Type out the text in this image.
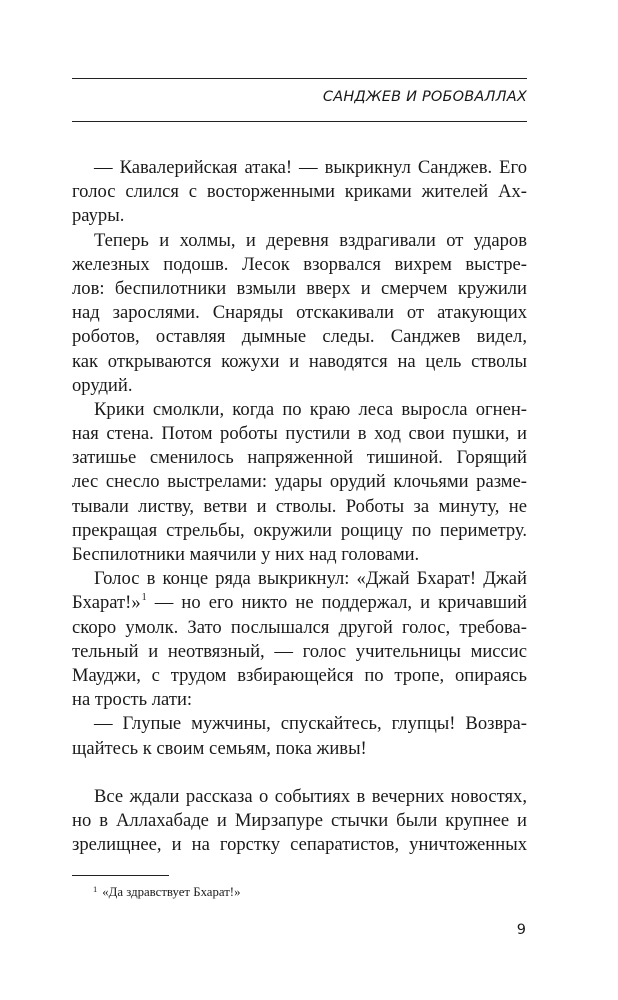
САНДЖЕВ И РОБОВАЛЛАХ
— Кавалерийская атака! — выкрикнул Санджев. Его
голос слился с восторженными криками жителей Ах-
рауры.
Теперь и холмы, и деревня вздрагивали от ударов
железных подошв. Лесок взорвался вихрем выстре-
лов: беспилотники взмыли вверх и смерчем кружили
над зарослями. Снаряды отскакивали от атакующих
роботов, оставляя дымные следы. Санджев видел,
как открываются кожухи и наводятся на цель стволы
орудий.
Крики смолкли, когда по краю леса выросла огнен-
ная стена. Потом роботы пустили в ход свои пушки, и
затишье сменилось напряженной тишиной. Горящий
лес снесло выстрелами: удары орудий клочьями разме-
тывали листву, ветви и стволы. Роботы за минуту, не
прекращая стрельбы, окружили рощицу по периметру.
Беспилотники маячили у них над головами.
Голос в конце ряда выкрикнул: «Джай Бхарат! Джай
Бхарат!»$^1$ — но его никто не поддержал, и кричавший
скоро умолк. Зато послышался другой голос, требова-
тельный и неотвязный, — голос учительницы миссис
Мауджи, с трудом взбирающейся по тропе, опираясь
на трость лати:
— Глупые мужчины, спускайтесь, глупцы! Возвра-
щайтесь к своим семьям, пока живы!
Все ждали рассказа о событиях в вечерних новостях,
но в Аллахабаде и Мирзапуре стычки были крупнее и
зрелищнее, и на горстку сепаратистов, уничтоженных
$^1$ «Да здравствует Бхарат!»
9
